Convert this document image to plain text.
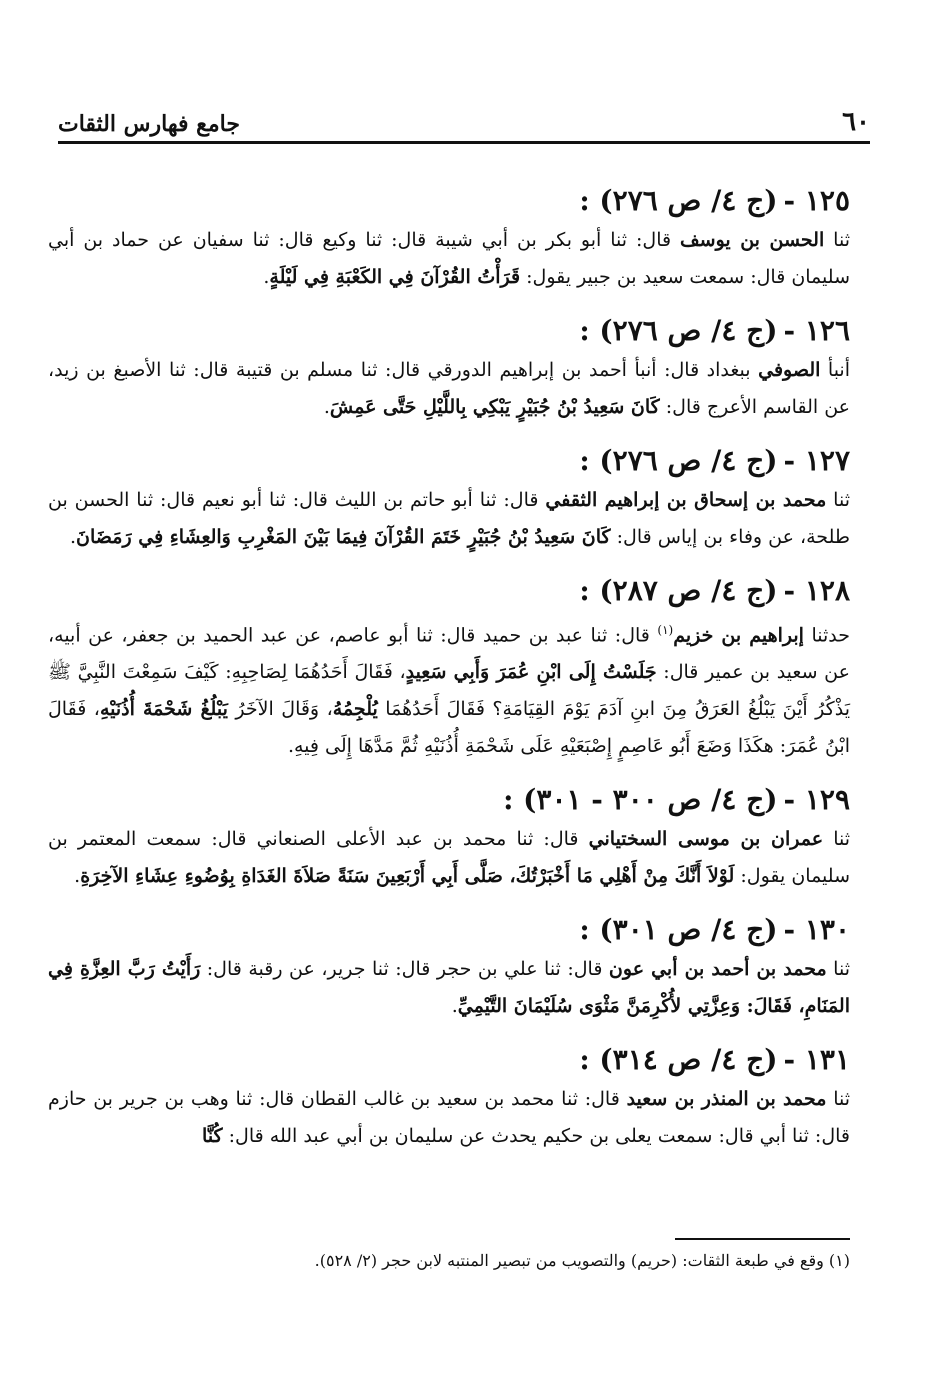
٦٠
جامع فهارس الثقات

١٢٥ -(ج ٤/ ص ٢٧٦) :

ثنا الحسن بن يوسف قال: ثنا أبو بكر بن أبي شيبة قال: ثنا وكيع قال: ثنا سفيان عن حماد بن أبي سليمان قال: سمعت سعيد بن جبير يقول: قَرَأْتُ القُرْآنَ فِي الكَعْبَةِ فِي لَيْلَةٍ.

١٢٦ -(ج ٤/ ص ٢٧٦) :

أنبأ الصوفي ببغداد قال: أنبأ أحمد بن إبراهيم الدورقي قال: ثنا مسلم بن قتيبة قال: ثنا الأصبغ بن زيد، عن القاسم الأعرج قال: كَانَ سَعِيدُ بْنُ جُبَيْرٍ يَبْكِي بِاللَّيْلِ حَتَّى عَمِشَ.

١٢٧ -(ج ٤/ ص ٢٧٦) :

ثنا محمد بن إسحاق بن إبراهيم الثقفي قال: ثنا أبو حاتم بن الليث قال: ثنا أبو نعيم قال: ثنا الحسن بن طلحة، عن وفاء بن إياس قال: كَانَ سَعِيدُ بْنُ جُبَيْرٍ خَتَمَ القُرْآنَ فِيمَا بَيْنَ المَغْرِبِ وَالعِشَاءِ فِي رَمَضَانَ.

١٢٨ -(ج ٤/ ص ٢٨٧) :

حدثنا إبراهيم بن خزيم$^{(١)}$ قال: ثنا عبد بن حميد قال: ثنا أبو عاصم، عن عبد الحميد بن جعفر، عن أبيه، عن سعيد بن عمير قال: جَلَسْتُ إِلَى ابْنِ عُمَرَ وَأَبِي سَعِيدٍ، فَقَالَ أَحَدُهُمَا لِصَاحِبِهِ: كَيْفَ سَمِعْتَ النَّبِيَّ ﷺ يَذْكُرُ أَيْنَ يَبْلُغُ العَرَقُ مِنَ ابنِ آدَمَ يَوْمَ القِيَامَةِ؟ فَقَالَ أَحَدُهُمَا يُلْجِمُهُ، وَقَالَ الآخَرُ يَبْلُغُ شَحْمَةَ أُذُنَيْهِ، فَقَالَ ابْنُ عُمَرَ: هكَذَا وَضَعَ أَبُو عَاصِمٍ إِصْبَعَيْهِ عَلَى شَحْمَةِ أُذُنَيْهِ ثُمَّ مَدَّهَا إِلَى فِيهِ.

١٢٩ -(ج ٤/ ص ٣٠٠ - ٣٠١) :

ثنا عمران بن موسى السختياني قال: ثنا محمد بن عبد الأعلى الصنعاني قال: سمعت المعتمر بن سليمان يقول: لَوْلاَ أَنَّكَ مِنْ أَهْلِي مَا أَخْبَرْتُكَ، صَلَّى أَبِي أَرْبَعِينَ سَنَةً صَلاَةَ الغَدَاةِ بِوُضُوءِ عِشَاءِ الآخِرَةِ.

١٣٠ -(ج ٤/ ص ٣٠١) :

ثنا محمد بن أحمد بن أبي عون قال: ثنا علي بن حجر قال: ثنا جرير، عن رقبة قال: رَأَيْتُ رَبَّ العِزَّةِ فِي المَنَامِ، فَقَالَ: وَعِزَّتِي لأُكْرِمَنَّ مَثْوَى سُلَيْمَانَ التَّيْمِيِّ.

١٣١ -(ج ٤/ ص ٣١٤) :

ثنا محمد بن المنذر بن سعيد قال: ثنا محمد بن سعيد بن غالب القطان قال: ثنا وهب بن جرير بن حازم قال: ثنا أبي قال: سمعت يعلى بن حكيم يحدث عن سليمان بن أبي عبد الله قال: كُنَّا

(١) وقع في طبعة الثقات: (حريم) والتصويب من تبصير المنتبه لابن حجر (٢/ ٥٢٨).
